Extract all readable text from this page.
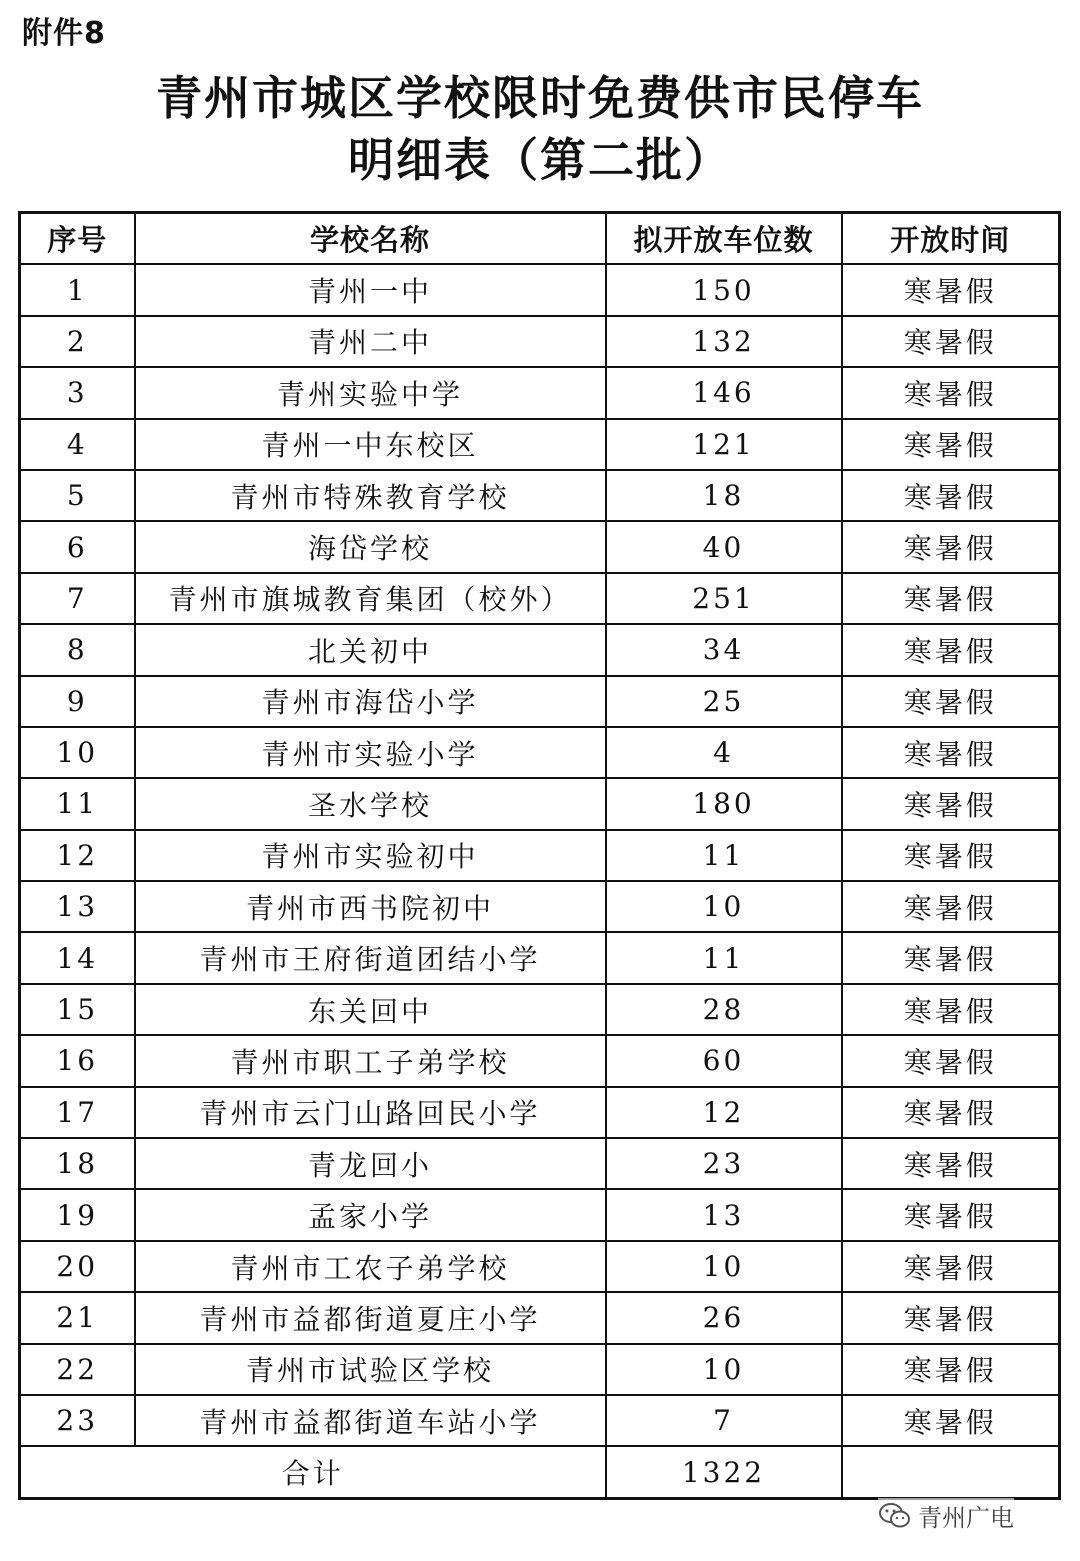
附件8
青州市城区学校限时免费供市民停车
明细表（第二批）
序号	学校名称	拟开放车位数	开放时间
1	青州一中	150	寒暑假
2	青州二中	132	寒暑假
3	青州实验中学	146	寒暑假
4	青州一中东校区	121	寒暑假
5	青州市特殊教育学校	18	寒暑假
6	海岱学校	40	寒暑假
7	青州市旗城教育集团（校外）	251	寒暑假
8	北关初中	34	寒暑假
9	青州市海岱小学	25	寒暑假
10	青州市实验小学	4	寒暑假
11	圣水学校	180	寒暑假
12	青州市实验初中	11	寒暑假
13	青州市西书院初中	10	寒暑假
14	青州市王府街道团结小学	11	寒暑假
15	东关回中	28	寒暑假
16	青州市职工子弟学校	60	寒暑假
17	青州市云门山路回民小学	12	寒暑假
18	青龙回小	23	寒暑假
19	孟家小学	13	寒暑假
20	青州市工农子弟学校	10	寒暑假
21	青州市益都街道夏庄小学	26	寒暑假
22	青州市试验区学校	10	寒暑假
23	青州市益都街道车站小学	7	寒暑假
合计		1322	
青州广电
